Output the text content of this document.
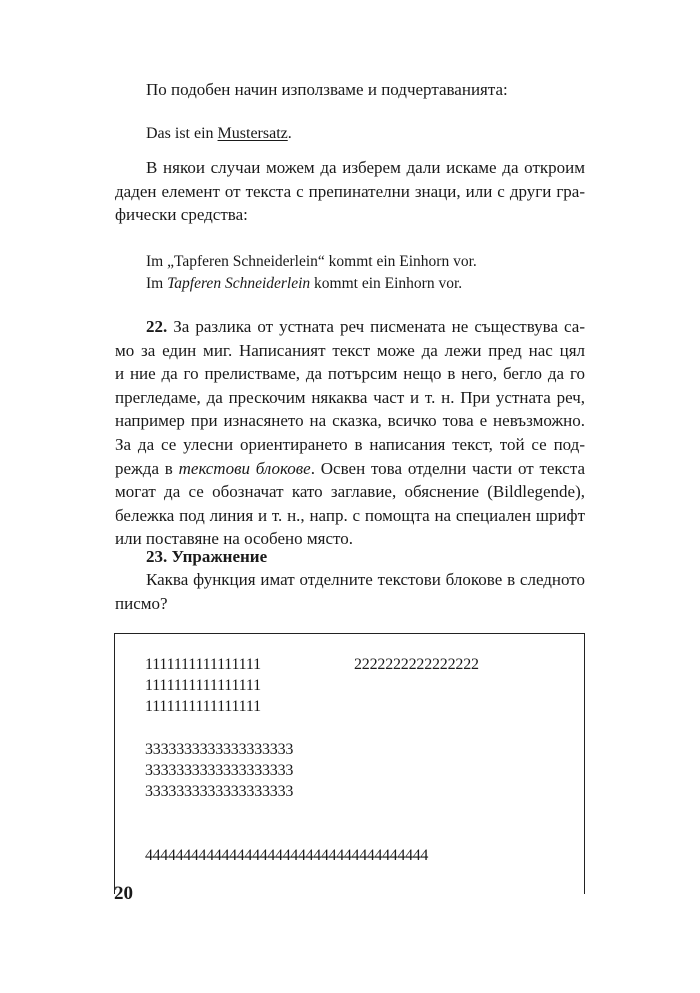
По подобен начин използваме и подчертаванията:
Das ist ein Mustersatz.
В някои случаи можем да изберем дали искаме да откроим
даден елемент от текста с препинателни знаци, или с други гра-
фически средства:
Im „Tapferen Schneiderlein“ kommt ein Einhorn vor.
Im Tapferen Schneiderlein kommt ein Einhorn vor.
22. За разлика от устната реч писмената не съществува са-
мо за един миг. Написаният текст може да лежи пред нас цял
и ние да го прелистваме, да потърсим нещо в него, бегло да го
прегледаме, да прескочим някаква част и т. н. При устната реч,
например при изнасянето на сказка, всичко това е невъзможно.
За да се улесни ориентирането в написания текст, той се под-
режда в текстови блокове. Освен това отделни части от текста
могат да се обозначат като заглавие, обяснение (Bildlegende),
бележка под линия и т. н., напр. с помощта на специален шрифт
или поставяне на особено място.
23. Упражнение
Каква функция имат отделните текстови блокове в следното
писмо?
1111111111111111
1111111111111111
1111111111111111
2222222222222222
3333333333333333333
3333333333333333333
3333333333333333333
4444444444444444444444444444444444444
20
